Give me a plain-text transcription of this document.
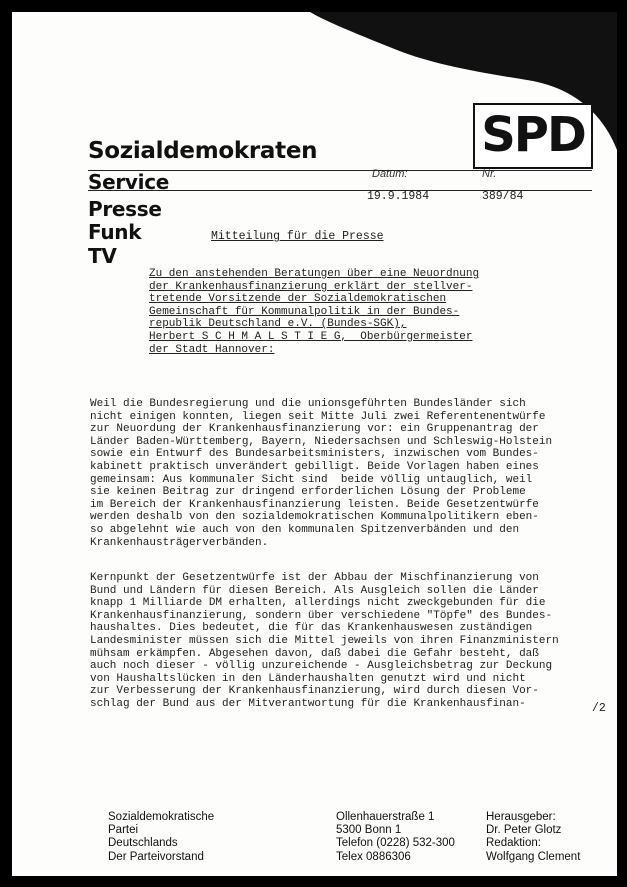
Sozialdemokraten	SPD
Service
Presse
Funk
TV
Datum:	Nr.
19.9.1984	389/84
Mitteilung für die Presse
Zu den anstehenden Beratungen über eine Neuordnung
der Krankenhausfinanzierung erklärt der stellver-
tretende Vorsitzende der Sozialdemokratischen
Gemeinschaft für Kommunalpolitik in der Bundes-
republik Deutschland e.V. (Bundes-SGK),
Herbert S C H M A L S T I E G,  Oberbürgermeister
der Stadt Hannover:
Weil die Bundesregierung und die unionsgeführten Bundesländer sich
nicht einigen konnten, liegen seit Mitte Juli zwei Referentenentwürfe
zur Neuordung der Krankenhausfinanzierung vor: ein Gruppenantrag der
Länder Baden-Württemberg, Bayern, Niedersachsen und Schleswig-Holstein
sowie ein Entwurf des Bundesarbeitsministers, inzwischen vom Bundes-
kabinett praktisch unverändert gebilligt. Beide Vorlagen haben eines
gemeinsam: Aus kommunaler Sicht sind  beide völlig untauglich, weil
sie keinen Beitrag zur dringend erforderlichen Lösung der Probleme
im Bereich der Krankenhausfinanzierung leisten. Beide Gesetzentwürfe
werden deshalb von den sozialdemokratischen Kommunalpolitikern eben-
so abgelehnt wie auch von den kommunalen Spitzenverbänden und den
Krankenhausträgerverbänden.
Kernpunkt der Gesetzentwürfe ist der Abbau der Mischfinanzierung von
Bund und Ländern für diesen Bereich. Als Ausgleich sollen die Länder
knapp 1 Milliarde DM erhalten, allerdings nicht zweckgebunden für die
Krankenhausfinanzierung, sondern über verschiedene "Töpfe" des Bundes-
haushaltes. Dies bedeutet, die für das Krankenhauswesen zuständigen
Landesminister müssen sich die Mittel jeweils von ihren Finanzministern
mühsam erkämpfen. Abgesehen davon, daß dabei die Gefahr besteht, daß
auch noch dieser - völlig unzureichende - Ausgleichsbetrag zur Deckung
von Haushaltslücken in den Länderhaushalten genutzt wird und nicht
zur Verbesserung der Krankenhausfinanzierung, wird durch diesen Vor-
schlag der Bund aus der Mitverantwortung für die Krankenhausfinan-	/2
Sozialdemokratische
Partei
Deutschlands
Der Parteivorstand
Ollenhauerstraße 1
5300 Bonn 1
Telefon (0228) 532-300
Telex 0886306
Herausgeber:
Dr. Peter Glotz
Redaktion:
Wolfgang Clement
